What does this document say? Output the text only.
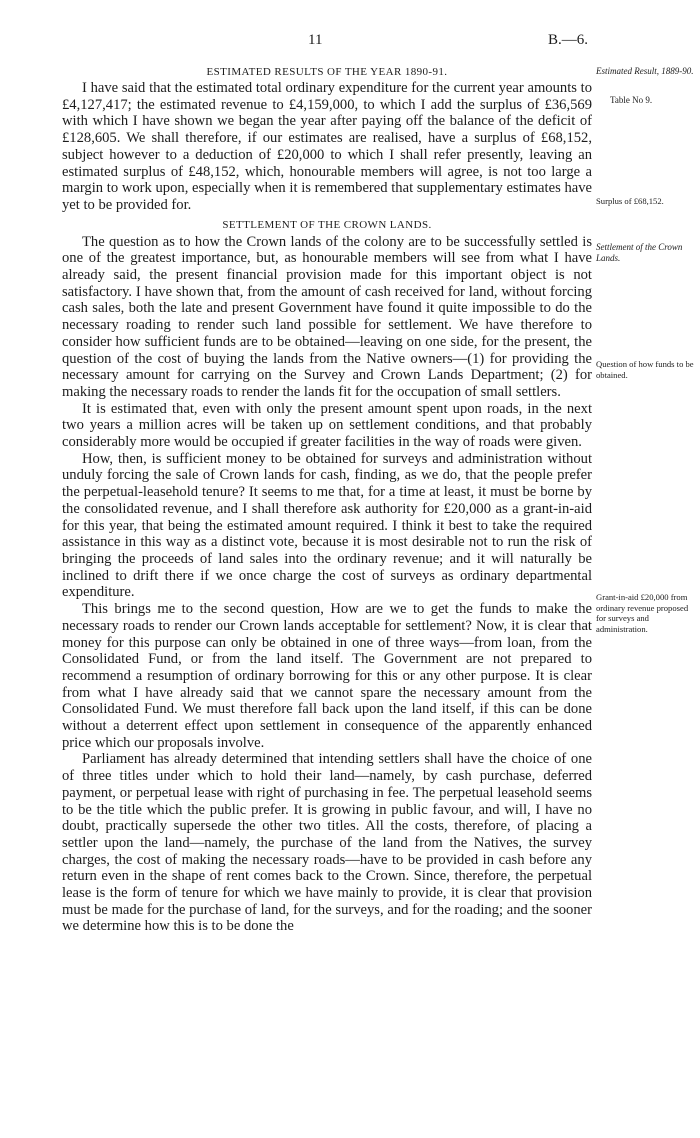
11	B.—6.
ESTIMATED RESULTS OF THE YEAR 1890-91.

I have said that the estimated total ordinary expenditure for the current year amounts to £4,127,417; the estimated revenue to £4,159,000, to which I add the surplus of £36,569 with which I have shown we began the year after paying off the balance of the deficit of £128,605. We shall therefore, if our estimates are realised, have a surplus of £68,152, subject however to a deduction of £20,000 to which I shall refer presently, leaving an estimated surplus of £48,152, which, honourable members will agree, is not too large a margin to work upon, especially when it is remembered that supplementary estimates have yet to be provided for.

SETTLEMENT OF THE CROWN LANDS.

The question as to how the Crown lands of the colony are to be successfully settled is one of the greatest importance, but, as honourable members will see from what I have already said, the present financial provision made for this important object is not satisfactory. I have shown that, from the amount of cash received for land, without forcing cash sales, both the late and present Government have found it quite impossible to do the necessary roading to render such land possible for settlement. We have therefore to consider how sufficient funds are to be obtained—leaving on one side, for the present, the question of the cost of buying the lands from the Native owners—(1) for providing the necessary amount for carrying on the Survey and Crown Lands Department; (2) for making the necessary roads to render the lands fit for the occupation of small settlers.

It is estimated that, even with only the present amount spent upon roads, in the next two years a million acres will be taken up on settlement conditions, and that probably considerably more would be occupied if greater facilities in the way of roads were given.

How, then, is sufficient money to be obtained for surveys and administration without unduly forcing the sale of Crown lands for cash, finding, as we do, that the people prefer the perpetual-leasehold tenure? It seems to me that, for a time at least, it must be borne by the consolidated revenue, and I shall therefore ask authority for £20,000 as a grant-in-aid for this year, that being the estimated amount required. I think it best to take the required assistance in this way as a distinct vote, because it is most desirable not to run the risk of bringing the proceeds of land sales into the ordinary revenue; and it will naturally be inclined to drift there if we once charge the cost of surveys as ordinary departmental expenditure.

This brings me to the second question, How are we to get the funds to make the necessary roads to render our Crown lands acceptable for settlement? Now, it is clear that money for this purpose can only be obtained in one of three ways—from loan, from the Consolidated Fund, or from the land itself. The Government are not prepared to recommend a resumption of ordinary borrowing for this or any other purpose. It is clear from what I have already said that we cannot spare the necessary amount from the Consolidated Fund. We must therefore fall back upon the land itself, if this can be done without a deterrent effect upon settlement in consequence of the apparently enhanced price which our proposals involve.

Parliament has already determined that intending settlers shall have the choice of one of three titles under which to hold their land—namely, by cash purchase, deferred payment, or perpetual lease with right of purchasing in fee. The perpetual leasehold seems to be the title which the public prefer. It is growing in public favour, and will, I have no doubt, practically supersede the other two titles. All the costs, therefore, of placing a settler upon the land—namely, the purchase of the land from the Natives, the survey charges, the cost of making the necessary roads—have to be provided in cash before any return even in the shape of rent comes back to the Crown. Since, therefore, the perpetual lease is the form of tenure for which we have mainly to provide, it is clear that provision must be made for the purchase of land, for the surveys, and for the roading; and the sooner we determine how this is to be done the

Estimated Result, 1889-90.
Table No 9.
Surplus of £68,152.
Settlement of the Crown Lands.
Question of how funds to be obtained.
Grant-in-aid £20,000 from ordinary revenue proposed for surveys and administration.
